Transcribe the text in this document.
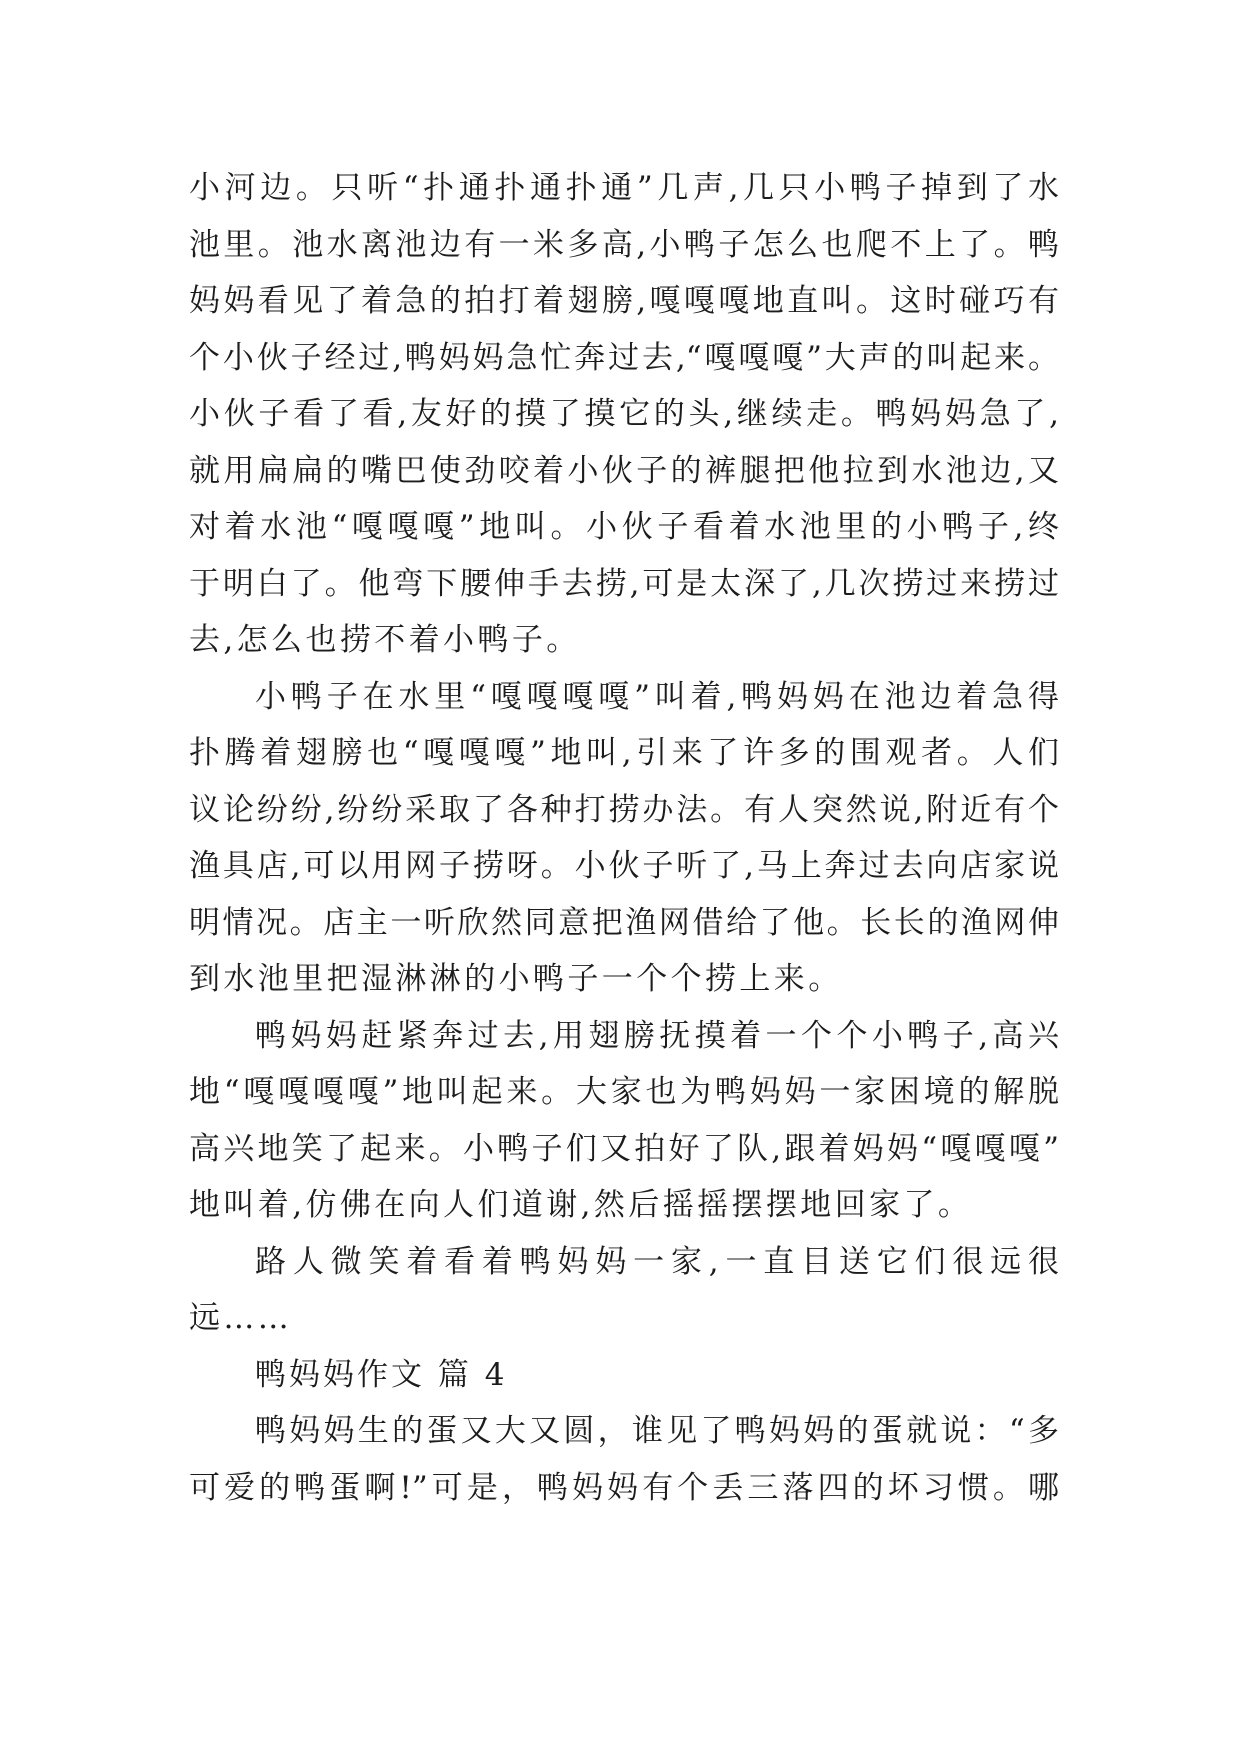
小河边。只听“扑通扑通扑通”几声,几只小鸭子掉到了水
池里。池水离池边有一米多高,小鸭子怎么也爬不上了。鸭
妈妈看见了着急的拍打着翅膀,嘎嘎嘎地直叫。这时碰巧有
个小伙子经过,鸭妈妈急忙奔过去,“嘎嘎嘎”大声的叫起来。
小伙子看了看,友好的摸了摸它的头,继续走。鸭妈妈急了,
就用扁扁的嘴巴使劲咬着小伙子的裤腿把他拉到水池边,又
对着水池“嘎嘎嘎”地叫。小伙子看着水池里的小鸭子,终
于明白了。他弯下腰伸手去捞,可是太深了,几次捞过来捞过
去,怎么也捞不着小鸭子。
小鸭子在水里“嘎嘎嘎嘎”叫着,鸭妈妈在池边着急得
扑腾着翅膀也“嘎嘎嘎”地叫,引来了许多的围观者。人们
议论纷纷,纷纷采取了各种打捞办法。有人突然说,附近有个
渔具店,可以用网子捞呀。小伙子听了,马上奔过去向店家说
明情况。店主一听欣然同意把渔网借给了他。长长的渔网伸
到水池里把湿淋淋的小鸭子一个个捞上来。
鸭妈妈赶紧奔过去,用翅膀抚摸着一个个小鸭子,高兴
地“嘎嘎嘎嘎”地叫起来。大家也为鸭妈妈一家困境的解脱
高兴地笑了起来。小鸭子们又拍好了队,跟着妈妈“嘎嘎嘎”
地叫着,仿佛在向人们道谢,然后摇摇摆摆地回家了。
路人微笑着看着鸭妈妈一家,一直目送它们很远很
远……
鸭妈妈作文 篇 4
鸭妈妈生的蛋又大又圆，谁见了鸭妈妈的蛋就说：“多
可爱的鸭蛋啊!”可是，鸭妈妈有个丢三落四的坏习惯。哪
